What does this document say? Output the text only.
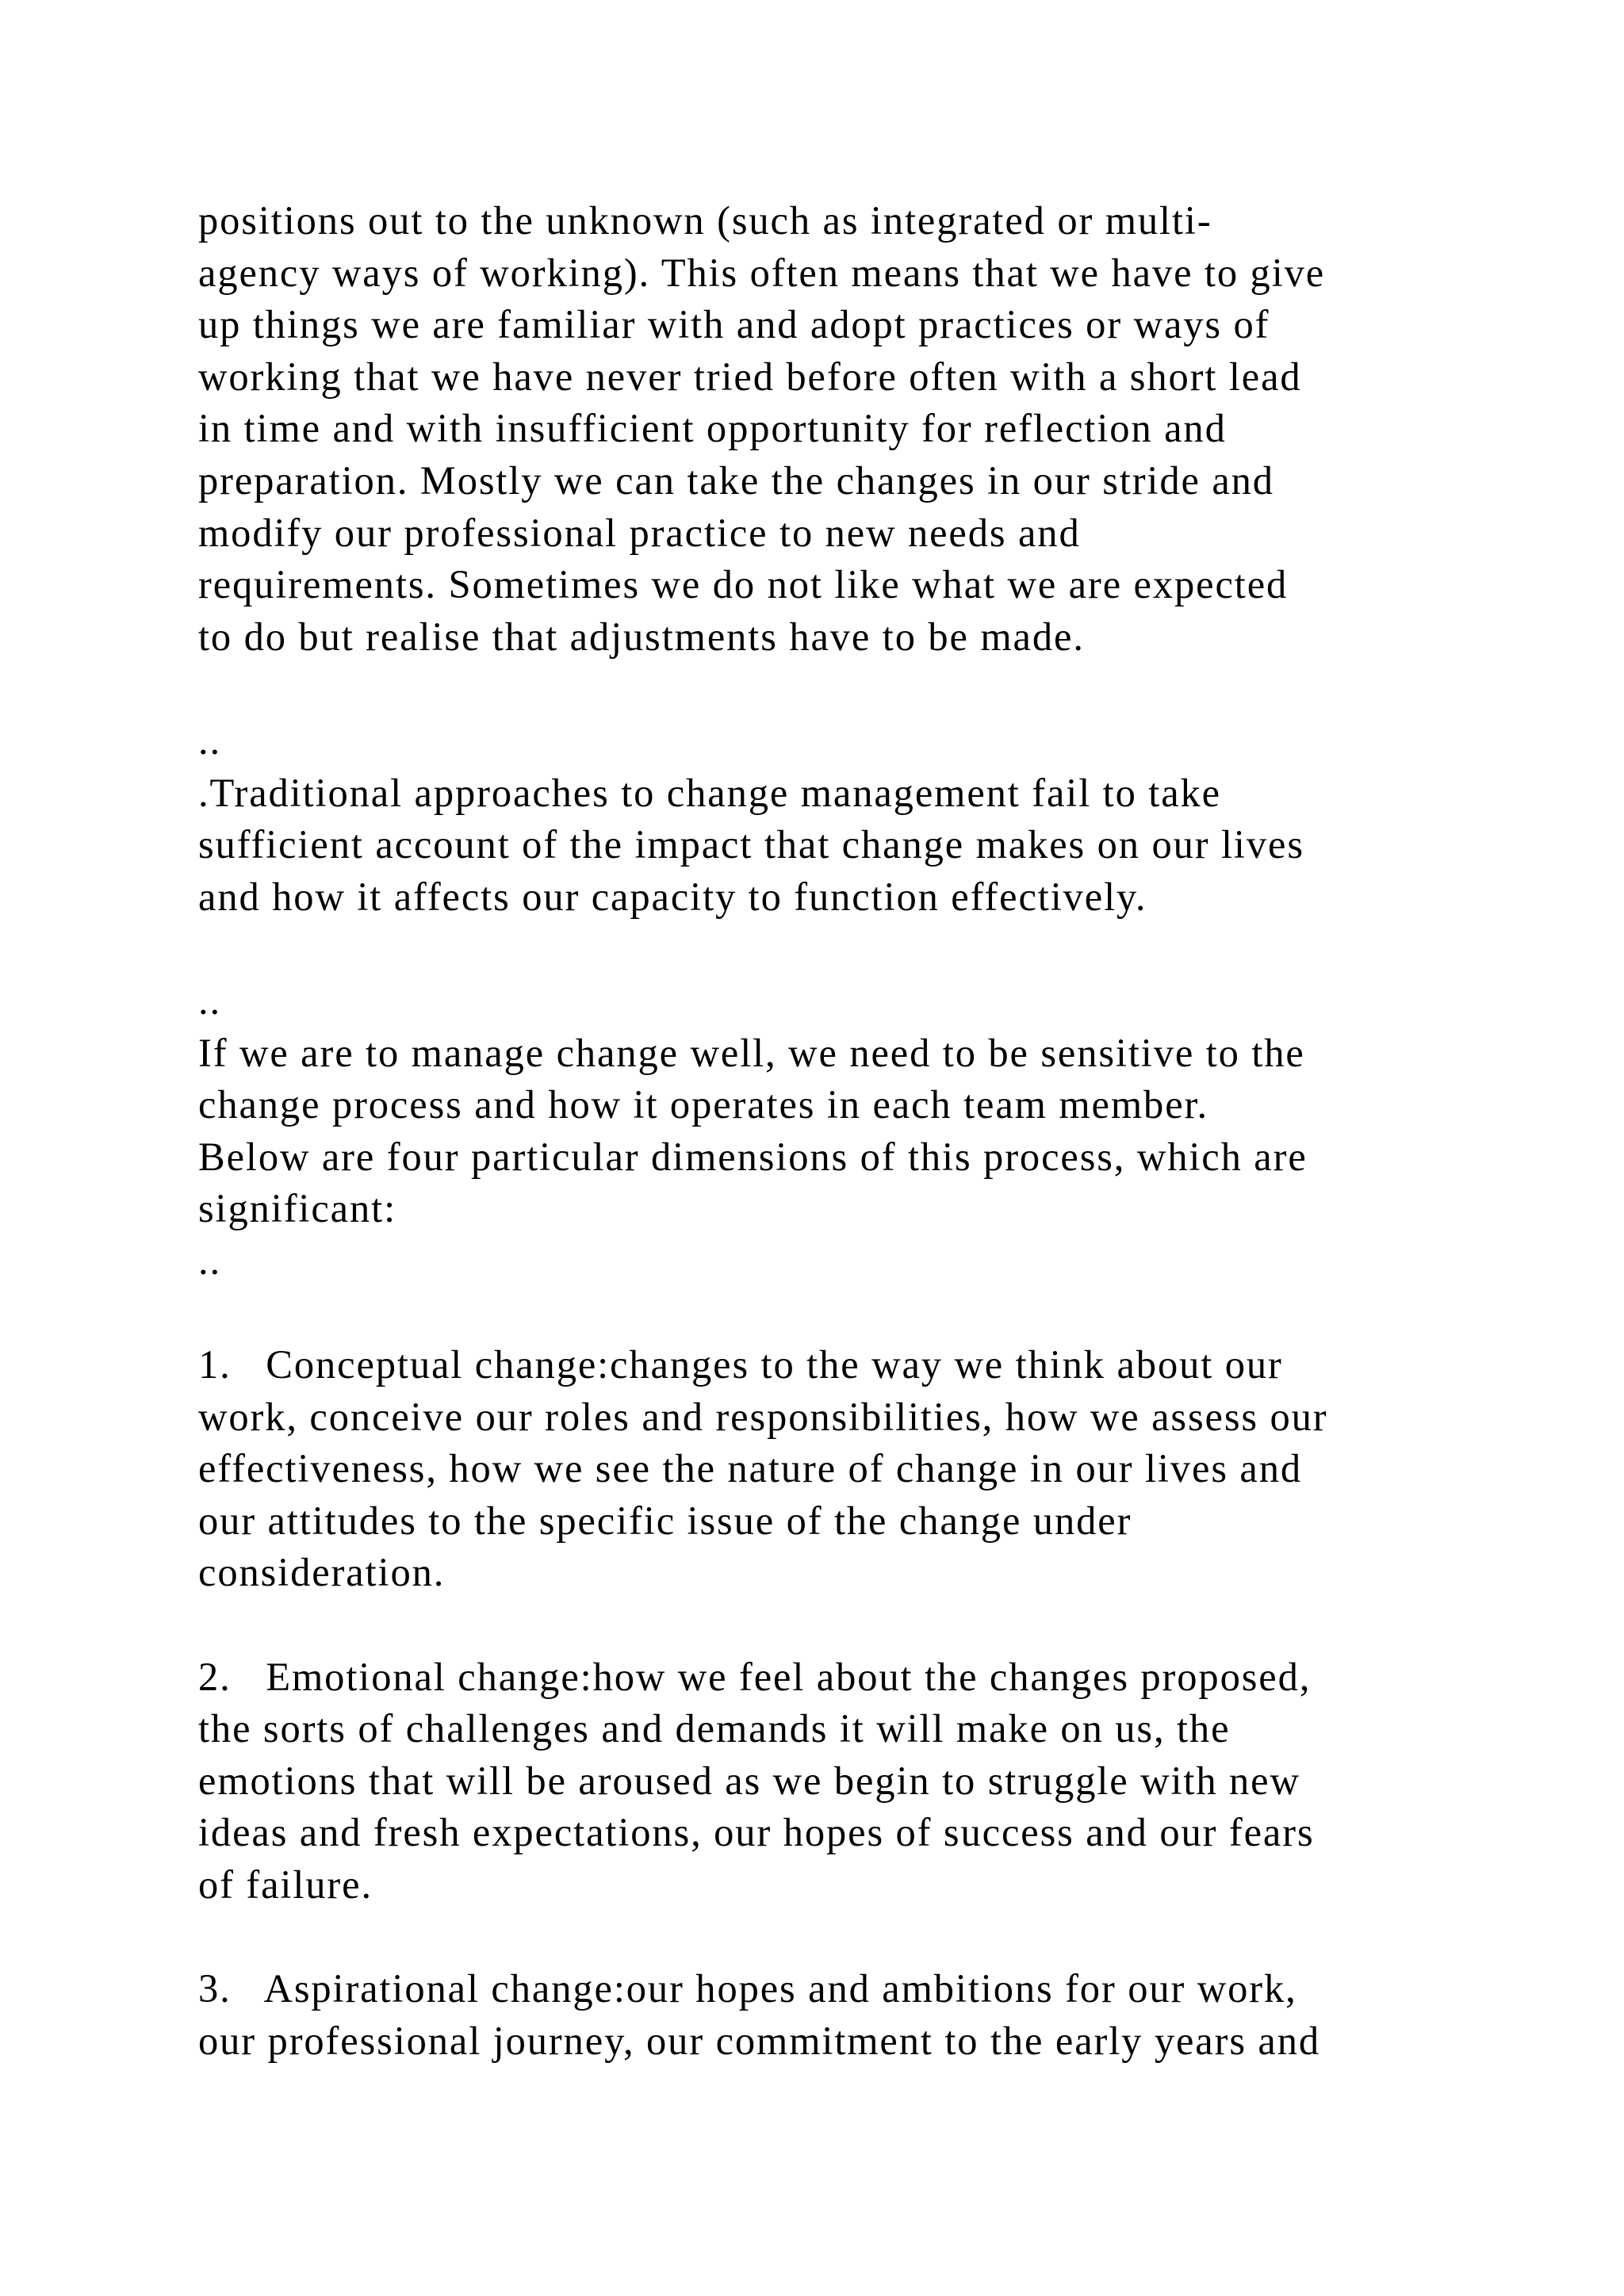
positions out to the unknown (such as integrated or multi-
agency ways of working). This often means that we have to give
up things we are familiar with and adopt practices or ways of
working that we have never tried before often with a short lead
in time and with insufficient opportunity for reflection and
preparation. Mostly we can take the changes in our stride and
modify our professional practice to new needs and
requirements. Sometimes we do not like what we are expected
to do but realise that adjustments have to be made.
..
.Traditional approaches to change management fail to take
sufficient account of the impact that change makes on our lives
and how it affects our capacity to function effectively.
..
If we are to manage change well, we need to be sensitive to the
change process and how it operates in each team member.
Below are four particular dimensions of this process, which are
significant:
..
1.   Conceptual change:changes to the way we think about our
work, conceive our roles and responsibilities, how we assess our
effectiveness, how we see the nature of change in our lives and
our attitudes to the specific issue of the change under
consideration.
2.   Emotional change:how we feel about the changes proposed,
the sorts of challenges and demands it will make on us, the
emotions that will be aroused as we begin to struggle with new
ideas and fresh expectations, our hopes of success and our fears
of failure.
3.   Aspirational change:our hopes and ambitions for our work,
our professional journey, our commitment to the early years and
